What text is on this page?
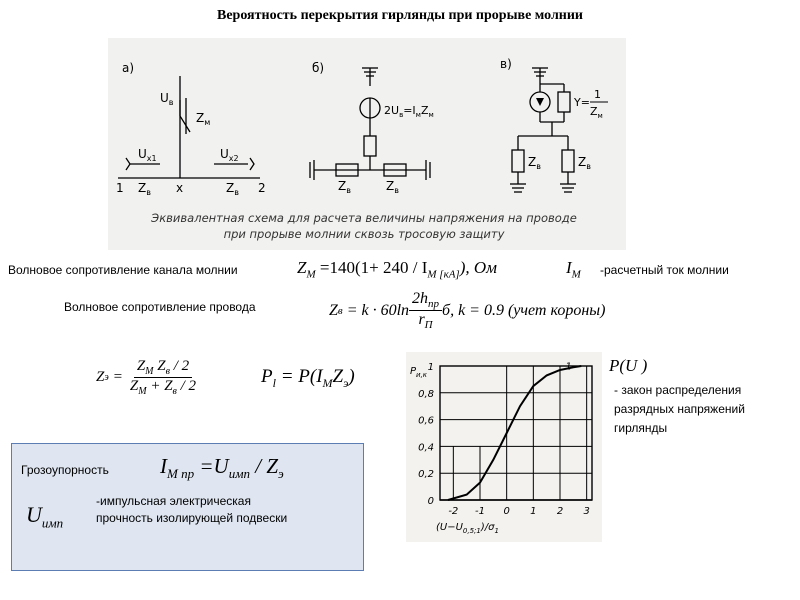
Вероятность перекрытия гирлянды при прорыве молнии
а)	б)	в)
$U_в$
$Z_м$
$U_{x1}$	$U_{x2}$
1 $Z_в$ x	$Z_в$ 2
$2U_в=I_мZ_м$
$Z_в$	$Z_в$
Y=
1
$Z_м$
$Z_в$	$Z_в$
Эквивалентная схема для расчета величины напряжения на проводе
при прорыве молнии сквозь тросовую защиту
Волновое сопротивление канала молнии	$Z_M =140(1+ 240 / I_{M [кА]})$, Ом	$I_M$ -расчетный ток молнии
Волновое сопротивление провода	Z $в = k \cdot 60\ln \frac{2h_{пр}}{r_П} б$, k = 0.9 (учет короны)
Z $э = \frac{Z_M Z_в / 2}{Z_M + Z_в / 2}$	$P_l = P(I_MZ_э)$
0
0,2
0,4
0,6
0,8
1
-2 -1 0 1 2 3
1
$P_{и,к}$
$(U-U_{0,5;1})/\sigma_1$
P(U )
- закон распределения разрядных напряжений гирлянды
Грозоупорность $I_{M пр} =U_{имп} / Z_э$
$U_{имп}$
-импульсная электрическая прочность изолирующей подвески
